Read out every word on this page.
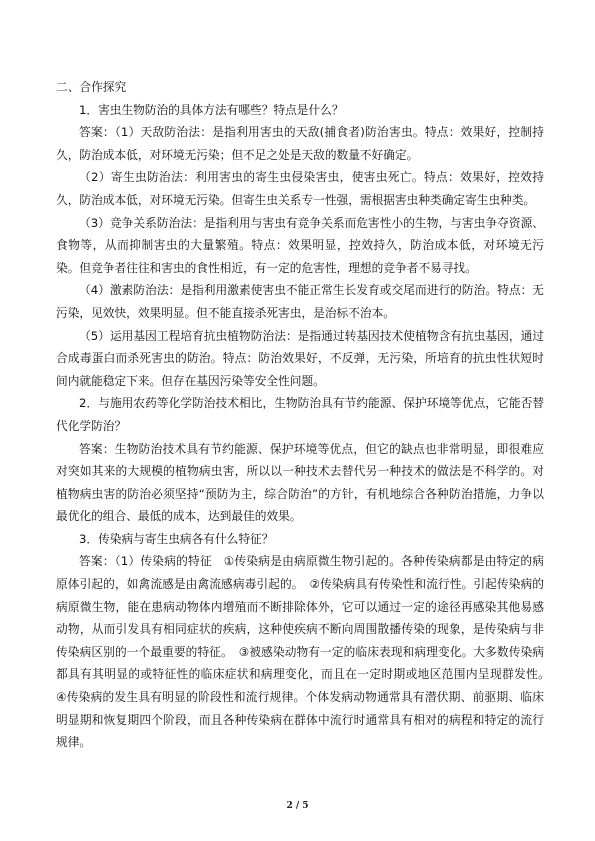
二、合作探究

1．害虫生物防治的具体方法有哪些？特点是什么？

答案：（1）天敌防治法：是指利用害虫的天敌(捕食者)防治害虫。特点：效果好，控制持久，防治成本低，对环境无污染；但不足之处是天敌的数量不好确定。

（2）寄生虫防治法：利用害虫的寄生虫侵染害虫，使害虫死亡。特点：效果好，控效持久，防治成本低，对环境无污染。但寄生虫关系专一性强，需根据害虫种类确定寄生虫种类。

（3）竞争关系防治法：是指利用与害虫有竞争关系而危害性小的生物，与害虫争夺资源、食物等，从而抑制害虫的大量繁殖。特点：效果明显，控效持久，防治成本低，对环境无污染。但竞争者往往和害虫的食性相近，有一定的危害性，理想的竞争者不易寻找。

（4）激素防治法：是指利用激素使害虫不能正常生长发育或交尾而进行的防治。特点：无污染，见效快，效果明显。但不能直接杀死害虫，是治标不治本。

（5）运用基因工程培育抗虫植物防治法：是指通过转基因技术使植物含有抗虫基因，通过合成毒蛋白而杀死害虫的防治。特点：防治效果好，不反弹，无污染，所培育的抗虫性状短时间内就能稳定下来。但存在基因污染等安全性问题。

2．与施用农药等化学防治技术相比，生物防治具有节约能源、保护环境等优点，它能否替代化学防治？

答案：生物防治技术具有节约能源、保护环境等优点，但它的缺点也非常明显，即很难应对突如其来的大规模的植物病虫害，所以以一种技术去替代另一种技术的做法是不科学的。对植物病虫害的防治必须坚持“预防为主，综合防治”的方针，有机地综合各种防治措施，力争以最优化的组合、最低的成本，达到最佳的效果。

3．传染病与寄生虫病各有什么特征？

答案：（1）传染病的特征　①传染病是由病原微生物引起的。各种传染病都是由特定的病原体引起的，如禽流感是由禽流感病毒引起的。　②传染病具有传染性和流行性。引起传染病的病原微生物，能在患病动物体内增殖而不断排除体外，它可以通过一定的途径再感染其他易感动物，从而引发具有相同症状的疾病，这种使疾病不断向周围散播传染的现象，是传染病与非传染病区别的一个最重要的特征。　③被感染动物有一定的临床表现和病理变化。大多数传染病都具有其明显的或特征性的临床症状和病理变化，而且在一定时期或地区范围内呈现群发性。　　④传染病的发生具有明显的阶段性和流行规律。个体发病动物通常具有潜伏期、前驱期、临床明显期和恢复期四个阶段，而且各种传染病在群体中流行时通常具有相对的病程和特定的流行规律。

2 / 5
